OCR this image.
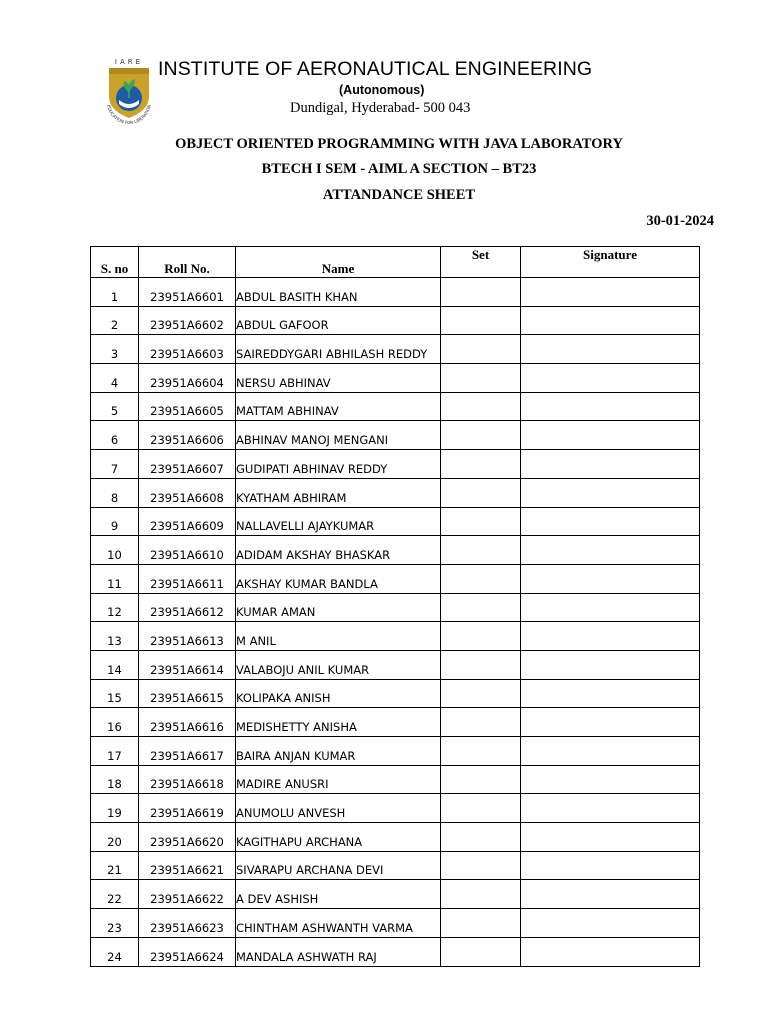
IARE
EDUCATION FOR LIBERATION
INSTITUTE OF AERONAUTICAL ENGINEERING
(Autonomous)
Dundigal, Hyderabad- 500 043
OBJECT ORIENTED PROGRAMMING WITH JAVA LABORATORY
BTECH I SEM - AIML A SECTION – BT23
ATTANDANCE SHEET
30-01-2024
S. no	Roll No.	Name	Set	Signature
1	23951A6601	ABDUL BASITH KHAN		
2	23951A6602	ABDUL GAFOOR		
3	23951A6603	SAIREDDYGARI ABHILASH REDDY		
4	23951A6604	NERSU ABHINAV		
5	23951A6605	MATTAM ABHINAV		
6	23951A6606	ABHINAV MANOJ MENGANI		
7	23951A6607	GUDIPATI ABHINAV REDDY		
8	23951A6608	KYATHAM ABHIRAM		
9	23951A6609	NALLAVELLI AJAYKUMAR		
10	23951A6610	ADIDAM AKSHAY BHASKAR		
11	23951A6611	AKSHAY KUMAR BANDLA		
12	23951A6612	KUMAR AMAN		
13	23951A6613	M ANIL		
14	23951A6614	VALABOJU ANIL KUMAR		
15	23951A6615	KOLIPAKA ANISH		
16	23951A6616	MEDISHETTY ANISHA		
17	23951A6617	BAIRA ANJAN KUMAR		
18	23951A6618	MADIRE ANUSRI		
19	23951A6619	ANUMOLU ANVESH		
20	23951A6620	KAGITHAPU ARCHANA		
21	23951A6621	SIVARAPU ARCHANA DEVI		
22	23951A6622	A DEV ASHISH		
23	23951A6623	CHINTHAM ASHWANTH VARMA		
24	23951A6624	MANDALA ASHWATH RAJ		
